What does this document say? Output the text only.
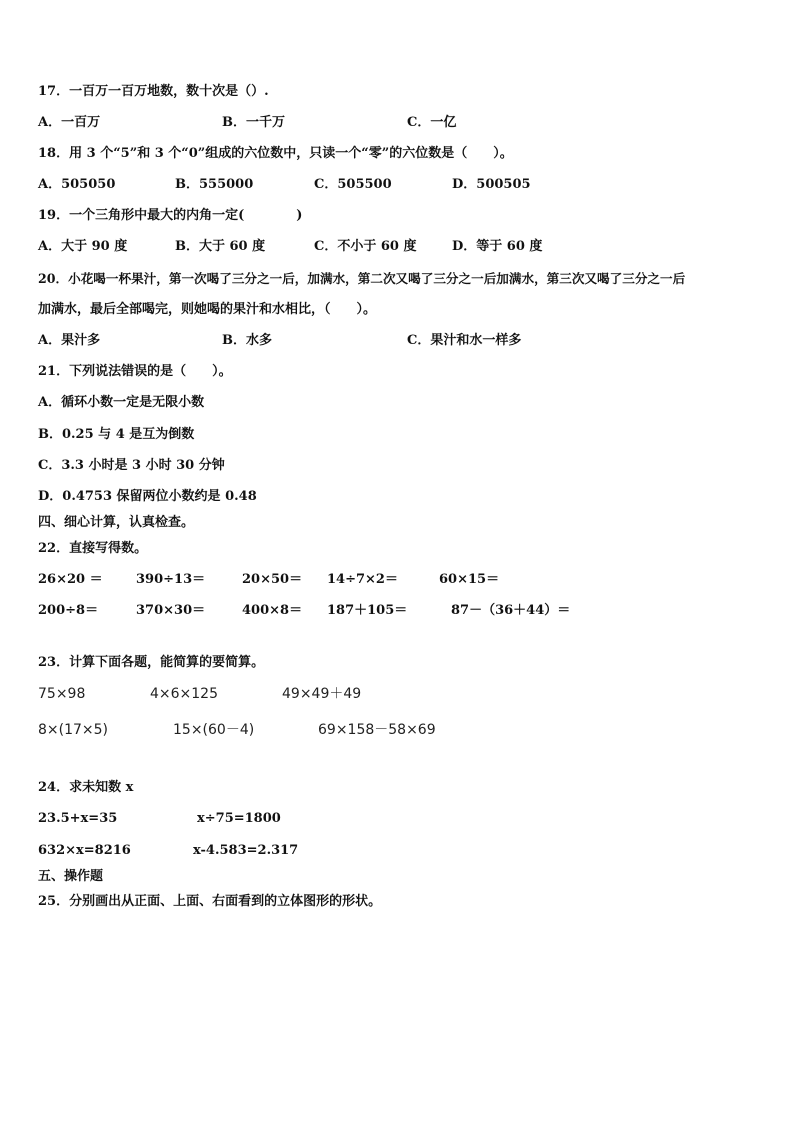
17．一百万一百万地数，数十次是（）.
A．一百万	B．一千万	C．一亿
18．用 3 个“5”和 3 个“0”组成的六位数中，只读一个“零”的六位数是（　　）。
A．505050	B．555000	C．505500	D．500505
19．一个三角形中最大的内角一定(　　　　)
A．大于 90 度	B．大于 60 度	C．不小于 60 度	D．等于 60 度
20．小花喝一杯果汁，第一次喝了三分之一后，加满水，第二次又喝了三分之一后加满水，第三次又喝了三分之一后
加满水，最后全部喝完，则她喝的果汁和水相比，（　　）。
A．果汁多	B．水多	C．果汁和水一样多
21．下列说法错误的是（　　）。
A．循环小数一定是无限小数
B．0.25 与 4 是互为倒数
C．3.3 小时是 3 小时 30 分钟
D．0.4753 保留两位小数约是 0.48
四、细心计算，认真检查。
22．直接写得数。
26×20 ＝	390÷13＝	20×50＝ 14÷7×2＝	60×15＝
200÷8＝	370×30＝	400×8＝ 187＋105＝	87－（36＋44）＝
23．计算下面各题，能简算的要简算。
75×98	4×6×125	49×49＋49
8×(17×5)	15×(60－4)	69×158－58×69
24．求未知数 x
23.5+x=35	x÷75=1800
632×x=8216	x-4.583=2.317
五、操作题
25．分别画出从正面、上面、右面看到的立体图形的形状。
